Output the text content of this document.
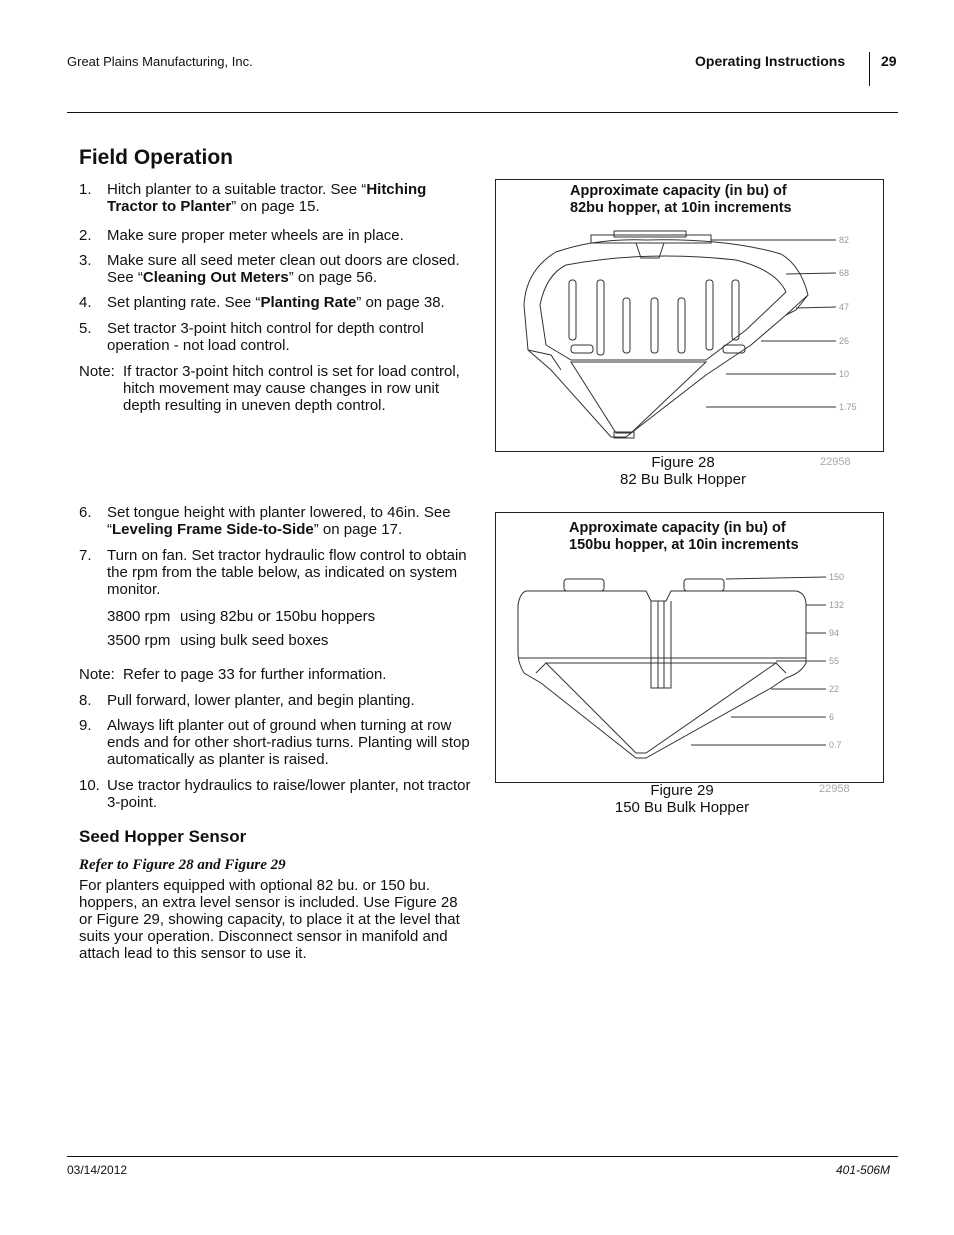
Great Plains Manufacturing, Inc.	Operating Instructions	29
Field Operation
1. Hitch planter to a suitable tractor. See “Hitching Tractor to Planter” on page 15.
2. Make sure proper meter wheels are in place.
3. Make sure all seed meter clean out doors are closed. See “Cleaning Out Meters” on page 56.
4. Set planting rate. See “Planting Rate” on page 38.
5. Set tractor 3-point hitch control for depth control operation - not load control.
Note: If tractor 3-point hitch control is set for load control, hitch movement may cause changes in row unit depth resulting in uneven depth control.
6. Set tongue height with planter lowered, to 46in. See “Leveling Frame Side-to-Side” on page 17.
7. Turn on fan. Set tractor hydraulic flow control to obtain the rpm from the table below, as indicated on system monitor.
3800 rpm using 82bu or 150bu hoppers
3500 rpm using bulk seed boxes
Note: Refer to page 33 for further information.
8. Pull forward, lower planter, and begin planting.
9. Always lift planter out of ground when turning at row ends and for other short-radius turns. Planting will stop automatically as planter is raised.
10. Use tractor hydraulics to raise/lower planter, not tractor 3-point.
Seed Hopper Sensor
Refer to Figure 28 and Figure 29
For planters equipped with optional 82 bu. or 150 bu. hoppers, an extra level sensor is included. Use Figure 28 or Figure 29, showing capacity, to place it at the level that suits your operation. Disconnect sensor in manifold and attach lead to this sensor to use it.
Approximate capacity (in bu) of
82bu hopper, at 10in increments
82
68
47
26
10
1.75
Figure 28
82 Bu Bulk Hopper
22958
Approximate capacity (in bu) of
150bu hopper, at 10in increments
150
132
94
55
22
6
0.7
Figure 29
150 Bu Bulk Hopper
22958
03/14/2012	401-506M
